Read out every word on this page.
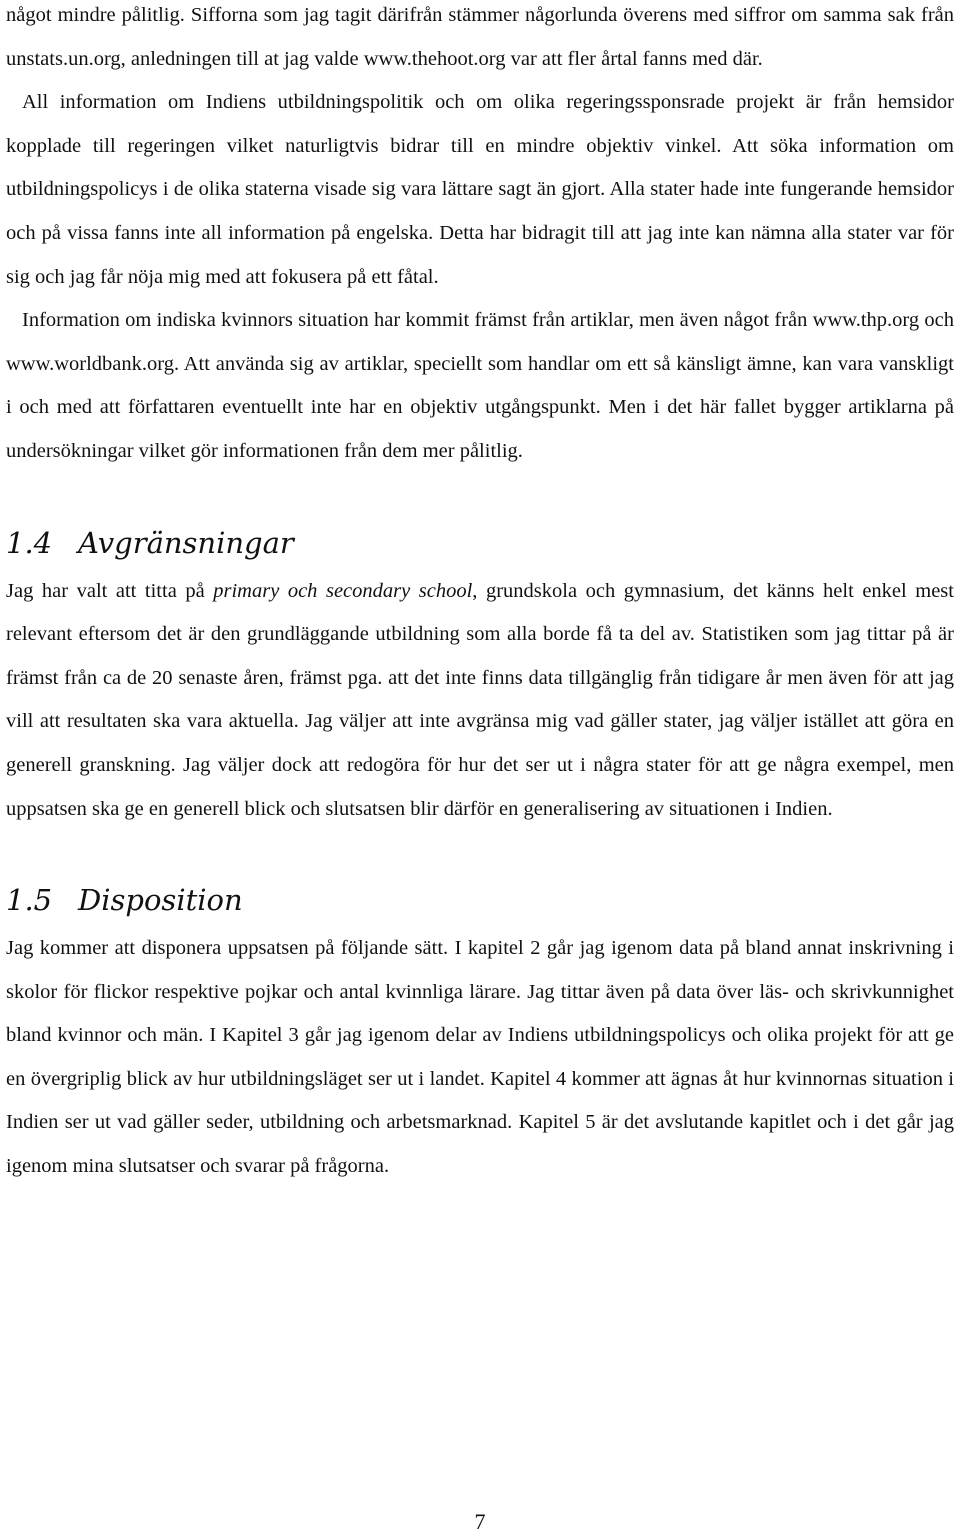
något mindre pålitlig. Sifforna som jag tagit därifrån stämmer någorlunda överens med siffror om samma sak från unstats.un.org, anledningen till at jag valde www.thehoot.org var att fler årtal fanns med där.

All information om Indiens utbildningspolitik och om olika regeringssponsrade projekt är från hemsidor kopplade till regeringen vilket naturligtvis bidrar till en mindre objektiv vinkel. Att söka information om utbildningspolicys i de olika staterna visade sig vara lättare sagt än gjort. Alla stater hade inte fungerande hemsidor och på vissa fanns inte all information på engelska. Detta har bidragit till att jag inte kan nämna alla stater var för sig och jag får nöja mig med att fokusera på ett fåtal.

Information om indiska kvinnors situation har kommit främst från artiklar, men även något från www.thp.org och www.worldbank.org. Att använda sig av artiklar, speciellt som handlar om ett så känsligt ämne, kan vara vanskligt i och med att författaren eventuellt inte har en objektiv utgångspunkt. Men i det här fallet bygger artiklarna på undersökningar vilket gör informationen från dem mer pålitlig.

1.4 Avgränsningar

Jag har valt att titta på primary och secondary school, grundskola och gymnasium, det känns helt enkel mest relevant eftersom det är den grundläggande utbildning som alla borde få ta del av. Statistiken som jag tittar på är främst från ca de 20 senaste åren, främst pga. att det inte finns data tillgänglig från tidigare år men även för att jag vill att resultaten ska vara aktuella. Jag väljer att inte avgränsa mig vad gäller stater, jag väljer istället att göra en generell granskning. Jag väljer dock att redogöra för hur det ser ut i några stater för att ge några exempel, men uppsatsen ska ge en generell blick och slutsatsen blir därför en generalisering av situationen i Indien.

1.5 Disposition

Jag kommer att disponera uppsatsen på följande sätt. I kapitel 2 går jag igenom data på bland annat inskrivning i skolor för flickor respektive pojkar och antal kvinnliga lärare. Jag tittar även på data över läs- och skrivkunnighet bland kvinnor och män. I Kapitel 3 går jag igenom delar av Indiens utbildningspolicys och olika projekt för att ge en övergriplig blick av hur utbildningsläget ser ut i landet. Kapitel 4 kommer att ägnas åt hur kvinnornas situation i Indien ser ut vad gäller seder, utbildning och arbetsmarknad. Kapitel 5 är det avslutande kapitlet och i det går jag igenom mina slutsatser och svarar på frågorna.

7
